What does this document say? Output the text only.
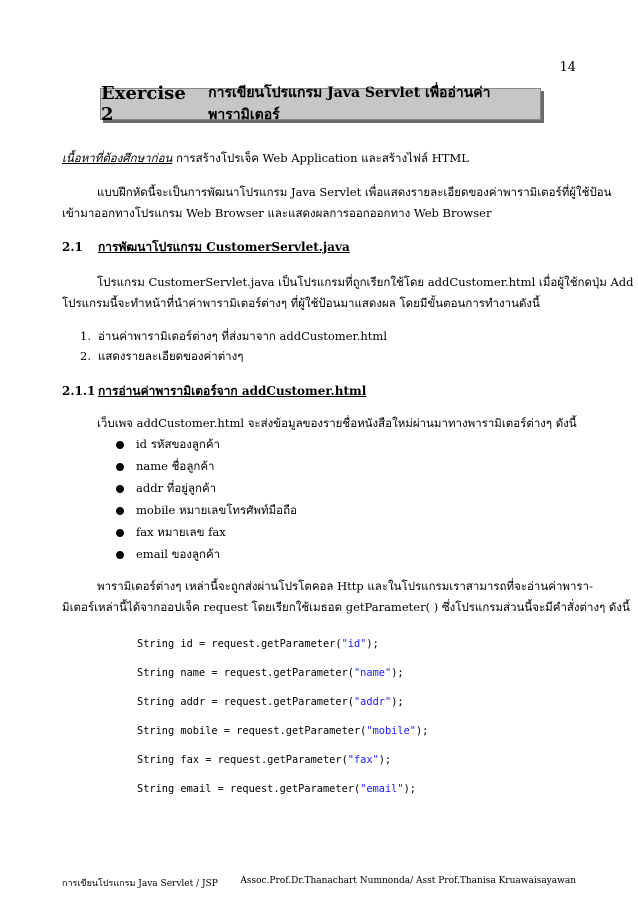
14
Exercise 2
การเขียนโปรแกรม Java Servlet เพื่ออ่านค่าพารามิเตอร์
เนื้อหาที่ต้องศึกษาก่อน การสร้างโปรเจ็ค Web Application และสร้างไฟล์ HTML
แบบฝึกหัดนี้จะเป็นการพัฒนาโปรแกรม Java Servlet เพื่อแสดงรายละเอียดของค่าพารามิเตอร์ที่ผู้ใช้ป้อน
เข้ามาออกทางโปรแกรม Web Browser และแสดงผลการออกออกทาง Web Browser
2.1 การพัฒนาโปรแกรม CustomerServlet.java
โปรแกรม CustomerServlet.java เป็นโปรแกรมที่ถูกเรียกใช้โดย addCustomer.html เมื่อผู้ใช้กดปุ่ม Add
โปรแกรมนี้จะทำหน้าที่นำค่าพารามิเตอร์ต่างๆ ที่ผู้ใช้ป้อนมาแสดงผล โดยมีขั้นตอนการทำงานดังนี้
1. อ่านค่าพารามิเตอร์ต่างๆ ที่ส่งมาจาก addCustomer.html
2. แสดงรายละเอียดของค่าต่างๆ
2.1.1 การอ่านค่าพารามิเตอร์จาก addCustomer.html
เว็บเพจ addCustomer.html จะส่งข้อมูลของรายชื่อหนังสือใหม่ผ่านมาทางพารามิเตอร์ต่างๆ ดังนี้
id รหัสของลูกค้า
name ชื่อลูกค้า
addr ที่อยู่ลูกค้า
mobile หมายเลขโทรศัพท์มือถือ
fax หมายเลข fax
email ของลูกค้า
พารามิเตอร์ต่างๆ เหล่านี้จะถูกส่งผ่านโปรโตคอล Http และในโปรแกรมเราสามารถที่จะอ่านค่าพารา-
มิเตอร์เหล่านี้ได้จากออปเจ็ค request โดยเรียกใช้เมธอด getParameter( ) ซึ่งโปรแกรมส่วนนี้จะมีคำสั่งต่างๆ ดังนี้

String id = request.getParameter("id");

String name = request.getParameter("name");

String addr = request.getParameter("addr");

String mobile = request.getParameter("mobile");

String fax = request.getParameter("fax");

String email = request.getParameter("email");

การเขียนโปรแกรม Java Servlet / JSP	Assoc.Prof.Dr.Thanachart Numnonda/ Asst Prof.Thanisa Kruawaisayawan
